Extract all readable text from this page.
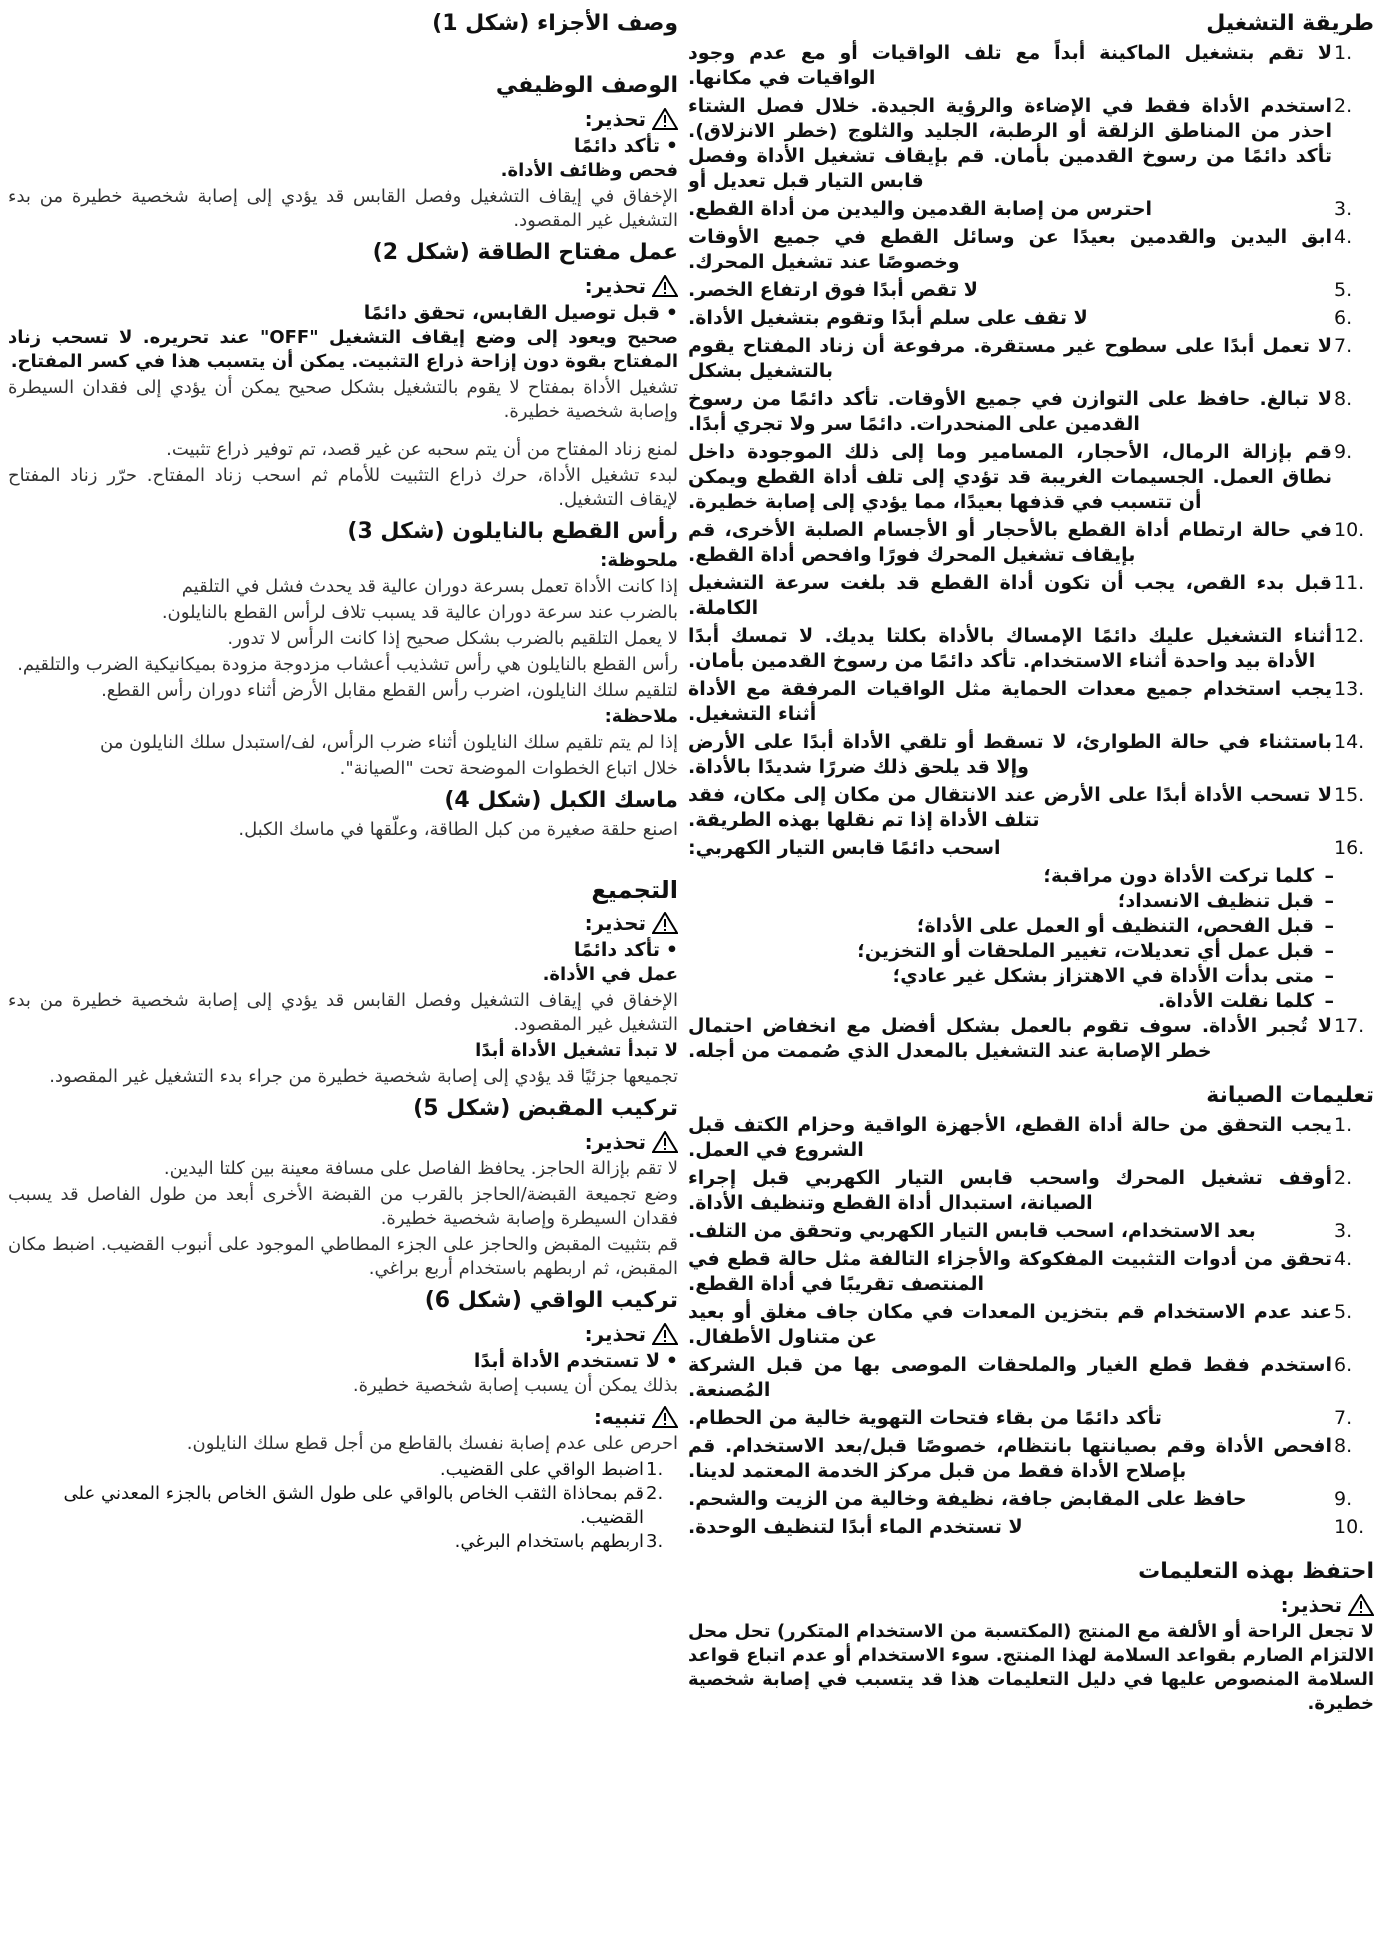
طريقة التشغيل
1.
لا تقم بتشغيل الماكينة أبداً مع تلف الواقيات أو مع عدم وجود الواقيات في مكانها.
2.
استخدم الأداة فقط في الإضاءة والرؤية الجيدة. خلال فصل الشتاء احذر من المناطق الزلقة أو الرطبة، الجليد والثلوج (خطر الانزلاق). تأكد دائمًا من رسوخ القدمين بأمان. قم بإيقاف تشغيل الأداة وفصل قابس التيار قبل تعديل أو
3.
احترس من إصابة القدمين واليدين من أداة القطع.
4.
ابق اليدين والقدمين بعيدًا عن وسائل القطع في جميع الأوقات وخصوصًا عند تشغيل المحرك.
5.
لا تقص أبدًا فوق ارتفاع الخصر.
6.
لا تقف على سلم أبدًا وتقوم بتشغيل الأداة.
7.
لا تعمل أبدًا على سطوح غير مستقرة. مرفوعة أن زناد المفتاح يقوم بالتشغيل بشكل
8.
لا تبالغ. حافظ على التوازن في جميع الأوقات. تأكد دائمًا من رسوخ القدمين على المنحدرات. دائمًا سر ولا تجري أبدًا.
9.
قم بإزالة الرمال، الأحجار، المسامير وما إلى ذلك الموجودة داخل نطاق العمل. الجسيمات الغريبة قد تؤدي إلى تلف أداة القطع ويمكن أن تتسبب في قذفها بعيدًا، مما يؤدي إلى إصابة خطيرة.
10.
في حالة ارتطام أداة القطع بالأحجار أو الأجسام الصلبة الأخرى، قم بإيقاف تشغيل المحرك فورًا وافحص أداة القطع.
11.
قبل بدء القص، يجب أن تكون أداة القطع قد بلغت سرعة التشغيل الكاملة.
12.
أثناء التشغيل عليك دائمًا الإمساك بالأداة بكلتا يديك. لا تمسك أبدًا الأداة بيد واحدة أثناء الاستخدام. تأكد دائمًا من رسوخ القدمين بأمان.
13.
يجب استخدام جميع معدات الحماية مثل الواقيات المرفقة مع الأداة أثناء التشغيل.
14.
باستثناء في حالة الطوارئ، لا تسقط أو تلقي الأداة أبدًا على الأرض وإلا قد يلحق ذلك ضررًا شديدًا بالأداة.
15.
لا تسحب الأداة أبدًا على الأرض عند الانتقال من مكان إلى مكان، فقد تتلف الأداة إذا تم نقلها بهذه الطريقة.
16.
اسحب دائمًا قابس التيار الكهربي:
– كلما تركت الأداة دون مراقبة؛
– قبل تنظيف الانسداد؛
– قبل الفحص، التنظيف أو العمل على الأداة؛
– قبل عمل أي تعديلات، تغيير الملحقات أو التخزين؛
– متى بدأت الأداة في الاهتزاز بشكل غير عادي؛
– كلما نقلت الأداة.
17.
لا تُجبر الأداة. سوف تقوم بالعمل بشكل أفضل مع انخفاض احتمال خطر الإصابة عند التشغيل بالمعدل الذي صُممت من أجله.
تعليمات الصيانة
1.
يجب التحقق من حالة أداة القطع، الأجهزة الواقية وحزام الكتف قبل الشروع في العمل.
2.
أوقف تشغيل المحرك واسحب قابس التيار الكهربي قبل إجراء الصيانة، استبدال أداة القطع وتنظيف الأداة.
3.
بعد الاستخدام، اسحب قابس التيار الكهربي وتحقق من التلف.
4.
تحقق من أدوات التثبيت المفكوكة والأجزاء التالفة مثل حالة قطع في المنتصف تقريبًا في أداة القطع.
5.
عند عدم الاستخدام قم بتخزين المعدات في مكان جاف مغلق أو بعيد عن متناول الأطفال.
6.
استخدم فقط قطع الغيار والملحقات الموصى بها من قبل الشركة المُصنعة.
7.
تأكد دائمًا من بقاء فتحات التهوية خالية من الحطام.
8.
افحص الأداة وقم بصيانتها بانتظام، خصوصًا قبل/بعد الاستخدام. قم بإصلاح الأداة فقط من قبل مركز الخدمة المعتمد لدينا.
9.
حافظ على المقابض جافة، نظيفة وخالية من الزيت والشحم.
10.
لا تستخدم الماء أبدًا لتنظيف الوحدة.
احتفظ بهذه التعليمات
تحذير:
لا تجعل الراحة أو الألفة مع المنتج (المكتسبة من الاستخدام المتكرر) تحل محل الالتزام الصارم بقواعد السلامة لهذا المنتج. سوء الاستخدام أو عدم اتباع قواعد السلامة المنصوص عليها في دليل التعليمات هذا قد يتسبب في إصابة شخصية خطيرة.
وصف الأجزاء (شكل 1)
الوصف الوظيفي
تحذير:
• تأكد دائمًا
فحص وظائف الأداة.
الإخفاق في إيقاف التشغيل وفصل القابس قد يؤدي إلى إصابة شخصية خطيرة من بدء التشغيل غير المقصود.
عمل مفتاح الطاقة (شكل 2)
تحذير:
• قبل توصيل القابس، تحقق دائمًا
صحيح ويعود إلى وضع إيقاف التشغيل "OFF" عند تحريره. لا تسحب زناد المفتاح بقوة دون إزاحة ذراع التثبيت. يمكن أن يتسبب هذا في كسر المفتاح.
تشغيل الأداة بمفتاح لا يقوم بالتشغيل بشكل صحيح يمكن أن يؤدي إلى فقدان السيطرة وإصابة شخصية خطيرة.
لمنع زناد المفتاح من أن يتم سحبه عن غير قصد، تم توفير ذراع تثبيت.
لبدء تشغيل الأداة، حرك ذراع التثبيت للأمام ثم اسحب زناد المفتاح. حرّر زناد المفتاح لإيقاف التشغيل.
رأس القطع بالنايلون (شكل 3)
ملحوظة:
إذا كانت الأداة تعمل بسرعة دوران عالية قد يحدث فشل في التلقيم
بالضرب عند سرعة دوران عالية قد يسبب تلاف لرأس القطع بالنايلون.
لا يعمل التلقيم بالضرب بشكل صحيح إذا كانت الرأس لا تدور.
رأس القطع بالنايلون هي رأس تشذيب أعشاب مزدوجة مزودة بميكانيكية الضرب والتلقيم.
لتلقيم سلك النايلون، اضرب رأس القطع مقابل الأرض أثناء دوران رأس القطع.
ملاحظة:
إذا لم يتم تلقيم سلك النايلون أثناء ضرب الرأس، لف/استبدل سلك النايلون من
خلال اتباع الخطوات الموضحة تحت "الصيانة".
ماسك الكبل (شكل 4)
اصنع حلقة صغيرة من كبل الطاقة، وعلّقها في ماسك الكبل.
التجميع
تحذير:
• تأكد دائمًا
عمل في الأداة.
الإخفاق في إيقاف التشغيل وفصل القابس قد يؤدي إلى إصابة شخصية خطيرة من بدء التشغيل غير المقصود.
لا تبدأ تشغيل الأداة أبدًا
تجميعها جزئيًا قد يؤدي إلى إصابة شخصية خطيرة من جراء بدء التشغيل غير المقصود.
تركيب المقبض (شكل 5)
تحذير:
لا تقم بإزالة الحاجز. يحافظ الفاصل على مسافة معينة بين كلتا اليدين.
وضع تجميعة القبضة/الحاجز بالقرب من القبضة الأخرى أبعد من طول الفاصل قد يسبب فقدان السيطرة وإصابة شخصية خطيرة.
قم بتثبيت المقبض والحاجز على الجزء المطاطي الموجود على أنبوب القضيب. اضبط مكان المقبض، ثم اربطهم باستخدام أربع براغي.
تركيب الواقي (شكل 6)
تحذير:
• لا تستخدم الأداة أبدًا
بذلك يمكن أن يسبب إصابة شخصية خطيرة.
تنبيه:
احرص على عدم إصابة نفسك بالقاطع من أجل قطع سلك النايلون.
1.
اضبط الواقي على القضيب.
2.
قم بمحاذاة الثقب الخاص بالواقي على طول الشق الخاص بالجزء المعدني على القضيب.
3.
اربطهم باستخدام البرغي.
